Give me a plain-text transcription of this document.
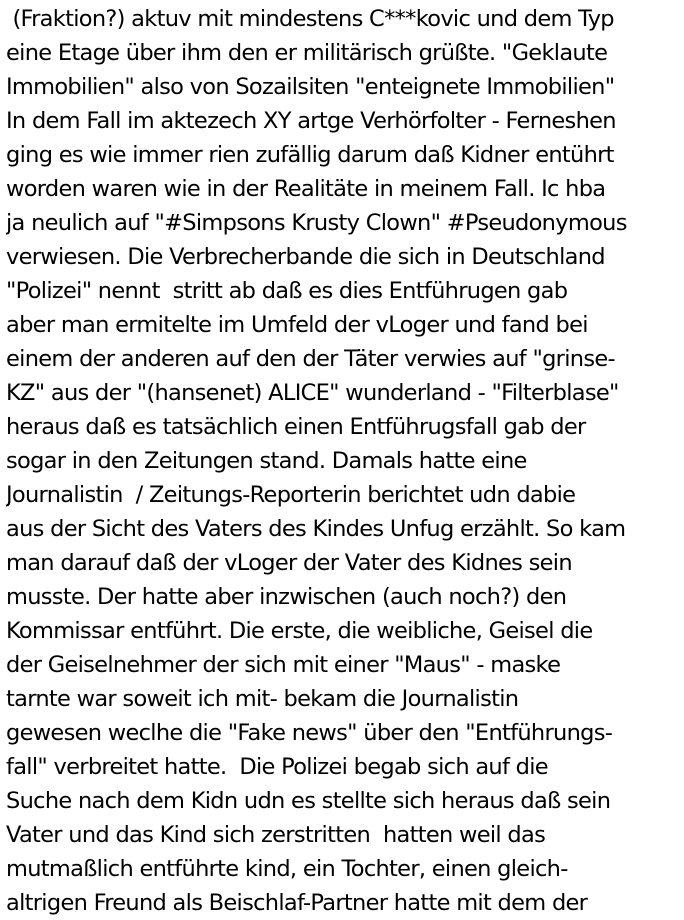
(Fraktion?) aktuv mit mindestens C***kovic und dem Typ
eine Etage über ihm den er militärisch grüßte. "Geklaute
Immobilien" also von Sozailsiten "enteignete Immobilien"
In dem Fall im aktezech XY artge Verhörfolter - Ferneshen
ging es wie immer rien zufällig darum daß Kidner entührt
worden waren wie in der Realitäte in meinem Fall. Ic hba
ja neulich auf "#Simpsons Krusty Clown" #Pseudonymous
verwiesen. Die Verbrecherbande die sich in Deutschland
"Polizei" nennt  stritt ab daß es dies Entführugen gab
aber man ermitelte im Umfeld der vLoger und fand bei
einem der anderen auf den der Täter verwies auf "grinse-
KZ" aus der "(hansenet) ALICE" wunderland - "Filterblase"
heraus daß es tatsächlich einen Entführugsfall gab der
sogar in den Zeitungen stand. Damals hatte eine
Journalistin  / Zeitungs-Reporterin berichtet udn dabie
aus der Sicht des Vaters des Kindes Unfug erzählt. So kam
man darauf daß der vLoger der Vater des Kidnes sein
musste. Der hatte aber inzwischen (auch noch?) den
Kommissar entführt. Die erste, die weibliche, Geisel die
der Geiselnehmer der sich mit einer "Maus" - maske
tarnte war soweit ich mit- bekam die Journalistin
gewesen weclhe die "Fake news" über den "Entführungs-
fall" verbreitet hatte.  Die Polizei begab sich auf die
Suche nach dem Kidn udn es stellte sich heraus daß sein
Vater und das Kind sich zerstritten  hatten weil das
mutmaßlich entführte kind, ein Tochter, einen gleich-
altrigen Freund als Beischlaf-Partner hatte mit dem der
